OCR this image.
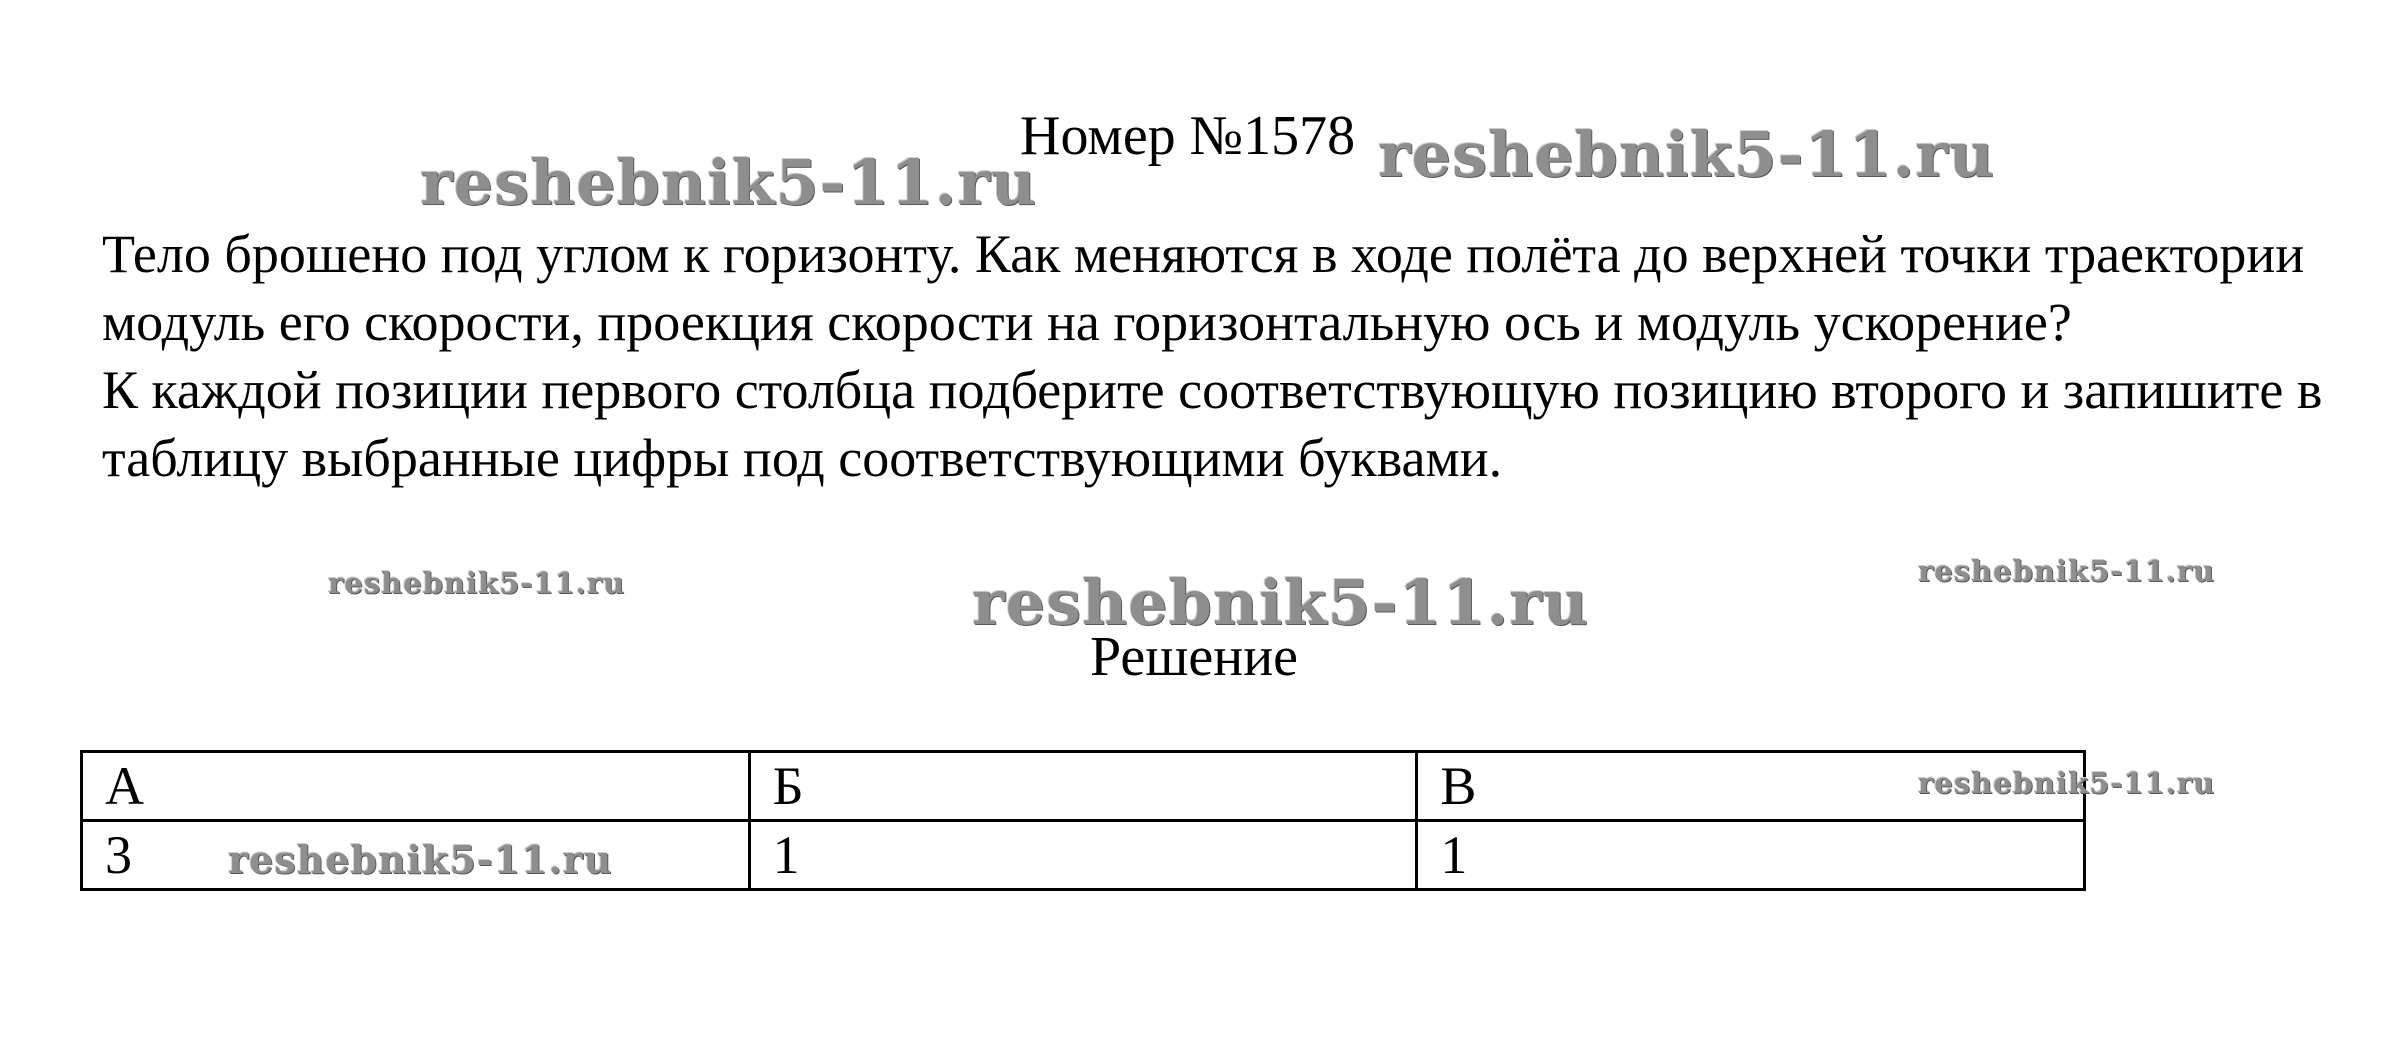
Номер №1578

Тело брошено под углом к горизонту. Как меняются в ходе полёта до верхней точки траектории модуль его скорости, проекция скорости на горизонтальную ось и модуль ускорение?

К каждой позиции первого столбца подберите соответствующую позицию второго и запишите в таблицу выбранные цифры под соответствующими буквами.

Решение
А	Б	В
3	1	1
reshebnik5-11.ru	reshebnik5-11.ru
reshebnik5-11.ru	reshebnik5-11.ru	reshebnik5-11.ru
reshebnik5-11.ru
reshebnik5-11.ru
